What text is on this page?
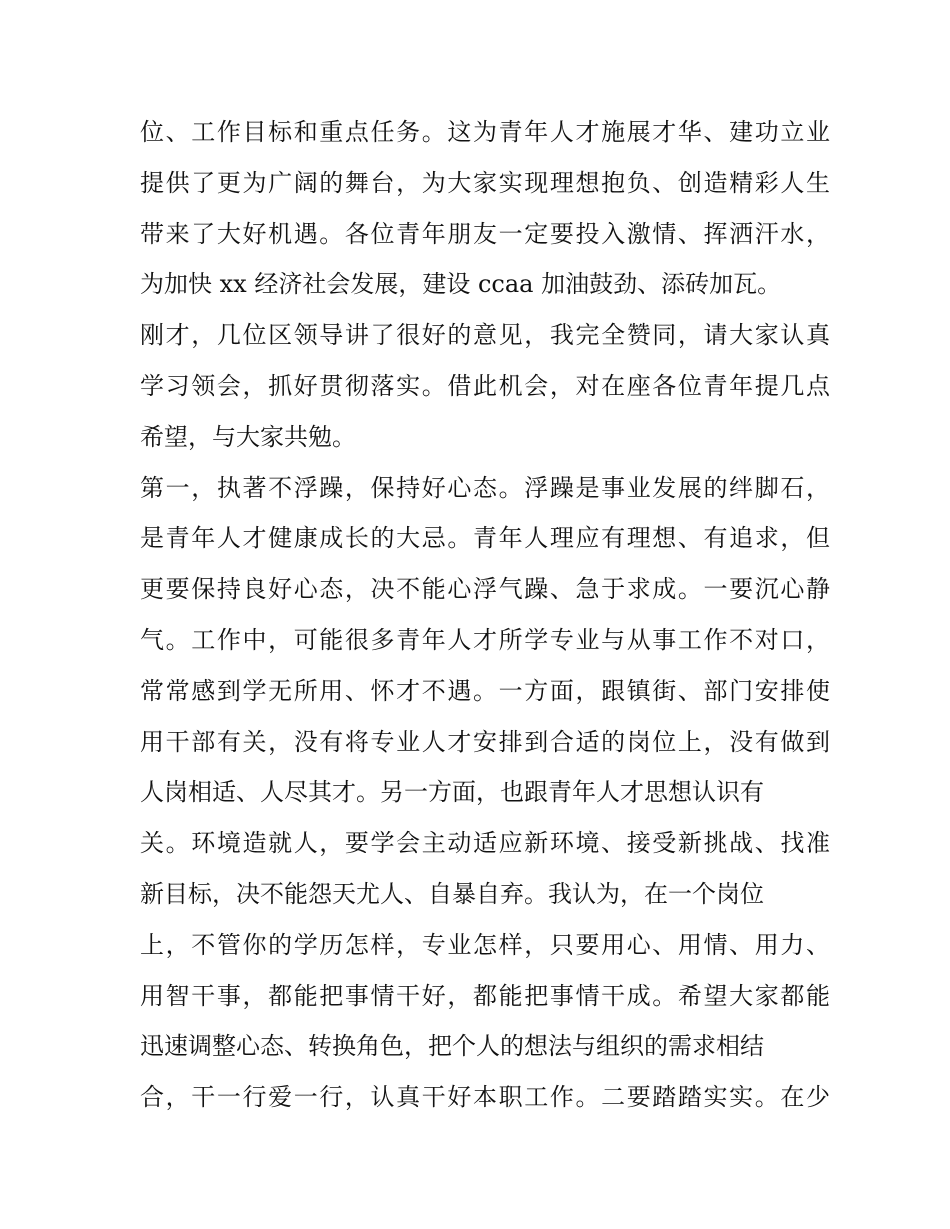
位、工作目标和重点任务。这为青年人才施展才华、建功立业
提供了更为广阔的舞台，为大家实现理想抱负、创造精彩人生
带来了大好机遇。各位青年朋友一定要投入激情、挥洒汗水，
为加快 xx 经济社会发展，建设 ccaa 加油鼓劲、添砖加瓦。
刚才，几位区领导讲了很好的意见，我完全赞同，请大家认真
学习领会，抓好贯彻落实。借此机会，对在座各位青年提几点
希望，与大家共勉。
第一，执著不浮躁，保持好心态。浮躁是事业发展的绊脚石，
是青年人才健康成长的大忌。青年人理应有理想、有追求，但
更要保持良好心态，决不能心浮气躁、急于求成。一要沉心静
气。工作中，可能很多青年人才所学专业与从事工作不对口，
常常感到学无所用、怀才不遇。一方面，跟镇街、部门安排使
用干部有关，没有将专业人才安排到合适的岗位上，没有做到
人岗相适、人尽其才。另一方面，也跟青年人才思想认识有
关。环境造就人，要学会主动适应新环境、接受新挑战、找准
新目标，决不能怨天尤人、自暴自弃。我认为，在一个岗位
上，不管你的学历怎样，专业怎样，只要用心、用情、用力、
用智干事，都能把事情干好，都能把事情干成。希望大家都能
迅速调整心态、转换角色，把个人的想法与组织的需求相结
合，干一行爱一行，认真干好本职工作。二要踏踏实实。在少
